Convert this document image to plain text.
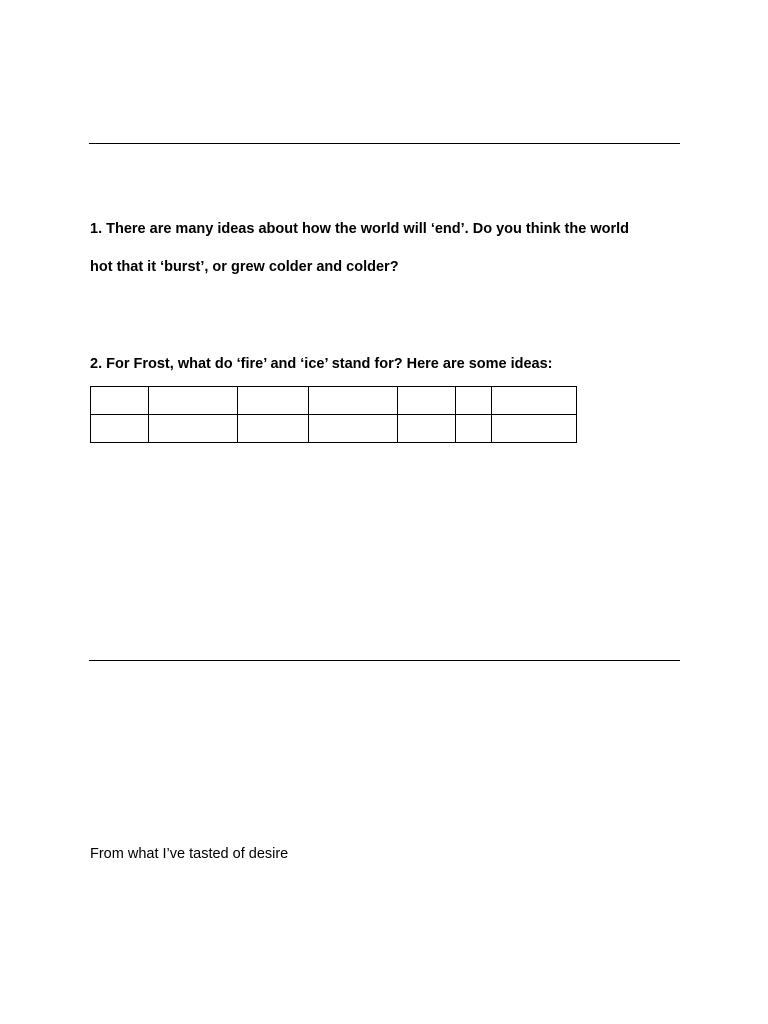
1. There are many ideas about how the world will ‘end’. Do you think the world
hot that it ‘burst’, or grew colder and colder?
2. For Frost, what do ‘fire’ and ‘ice’ stand for? Here are some ideas:

From what I’ve tasted of desire
